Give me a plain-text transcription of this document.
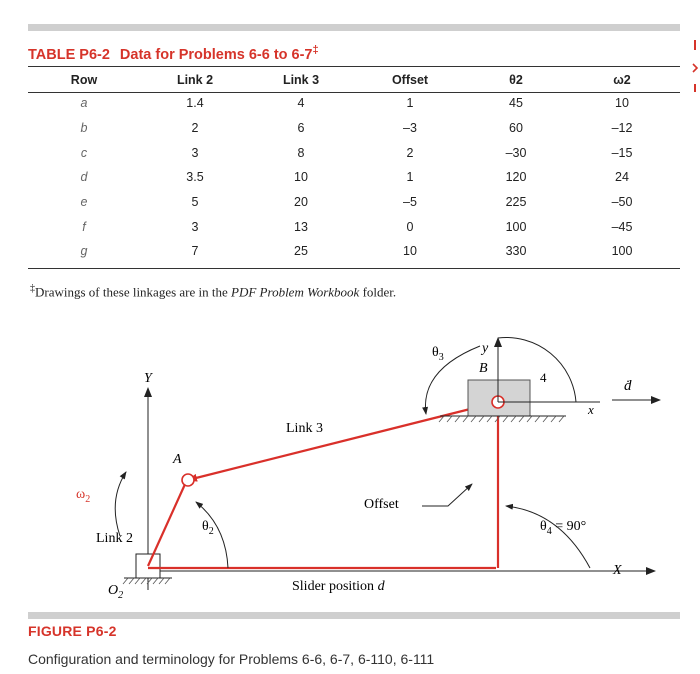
TABLE P6-2 Data for Problems 6-6 to 6-7‡
Row	Link 2	Link 3	Offset	θ2	ω2
a	1.4	4	1	45	10
b	2	6	–3	60	–12
c	3	8	2	–30	–15
d	3.5	10	1	120	24
e	5	20	–5	225	–50
f	3	13	0	100	–45
g	7	25	10	330	100
‡Drawings of these linkages are in the PDF Problem Workbook folder.
Y
X
$O_2$
Slider position d
Offset
Link 2
Link 3
A
$\omega_2$
$\theta_2$
B
y
x
4
$\theta_3$
$\theta_4 = 90^\circ$
ḋ
FIGURE P6-2
Configuration and terminology for Problems 6-6, 6-7, 6-110, 6-111
